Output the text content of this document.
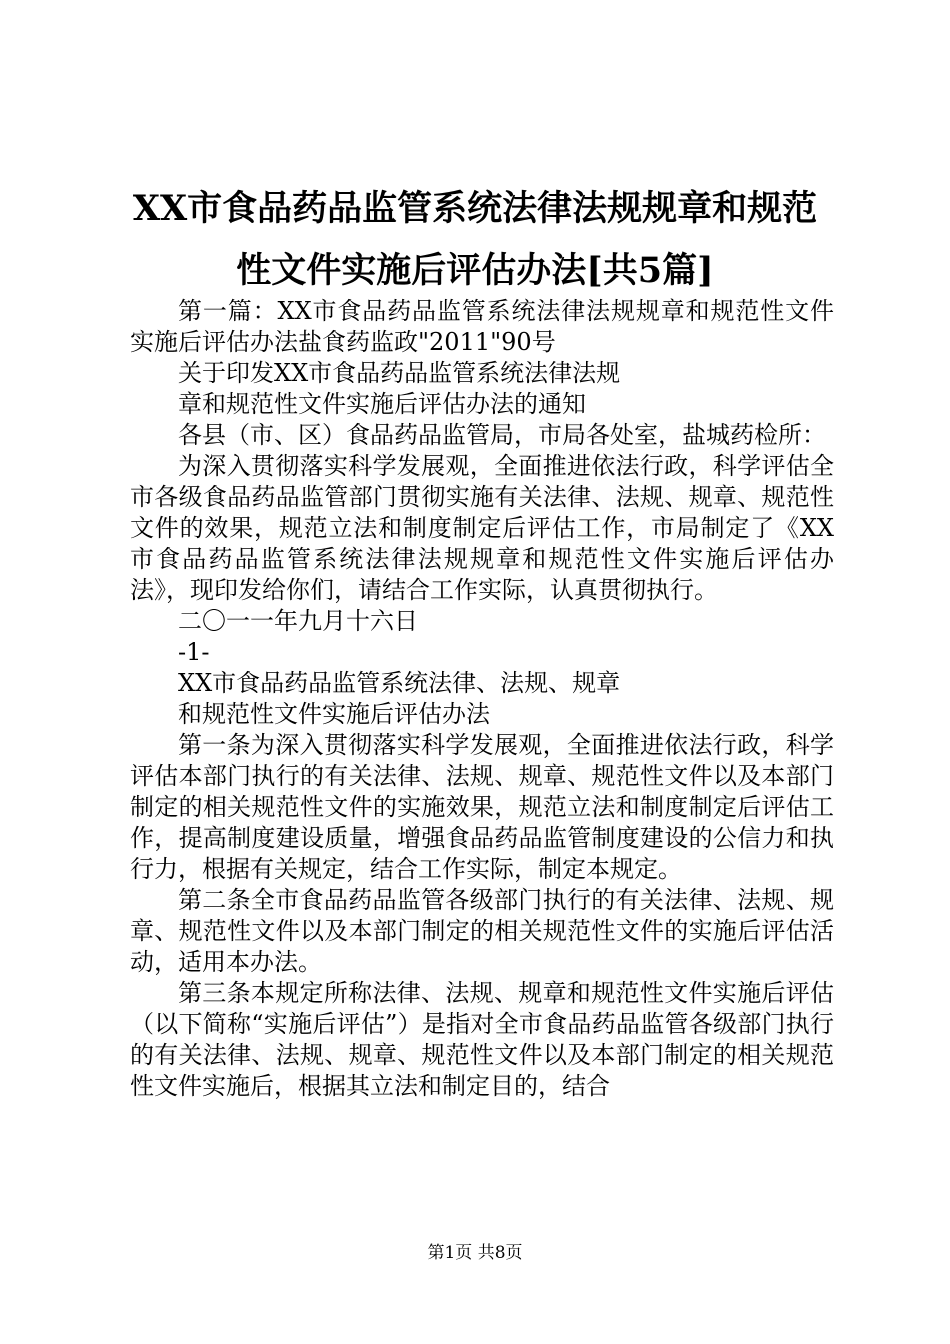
XX市食品药品监管系统法律法规规章和规范
性文件实施后评估办法[共5篇]

第一篇：XX市食品药品监管系统法律法规规章和规范性文件实施后评估办法盐食药监政"2011"90号

关于印发XX市食品药品监管系统法律法规

章和规范性文件实施后评估办法的通知

各县（市、区）食品药品监管局，市局各处室，盐城药检所：

为深入贯彻落实科学发展观，全面推进依法行政，科学评估全市各级食品药品监管部门贯彻实施有关法律、法规、规章、规范性文件的效果，规范立法和制度制定后评估工作，市局制定了《XX市食品药品监管系统法律法规规章和规范性文件实施后评估办法》，现印发给你们，请结合工作实际，认真贯彻执行。

二〇一一年九月十六日

-1-

XX市食品药品监管系统法律、法规、规章

和规范性文件实施后评估办法

第一条为深入贯彻落实科学发展观，全面推进依法行政，科学评估本部门执行的有关法律、法规、规章、规范性文件以及本部门制定的相关规范性文件的实施效果，规范立法和制度制定后评估工作，提高制度建设质量，增强食品药品监管制度建设的公信力和执行力，根据有关规定，结合工作实际，制定本规定。

第二条全市食品药品监管各级部门执行的有关法律、法规、规章、规范性文件以及本部门制定的相关规范性文件的实施后评估活动，适用本办法。

第三条本规定所称法律、法规、规章和规范性文件实施后评估（以下简称“实施后评估”）是指对全市食品药品监管各级部门执行的有关法律、法规、规章、规范性文件以及本部门制定的相关规范性文件实施后，根据其立法和制定目的，结合

第1页 共8页
